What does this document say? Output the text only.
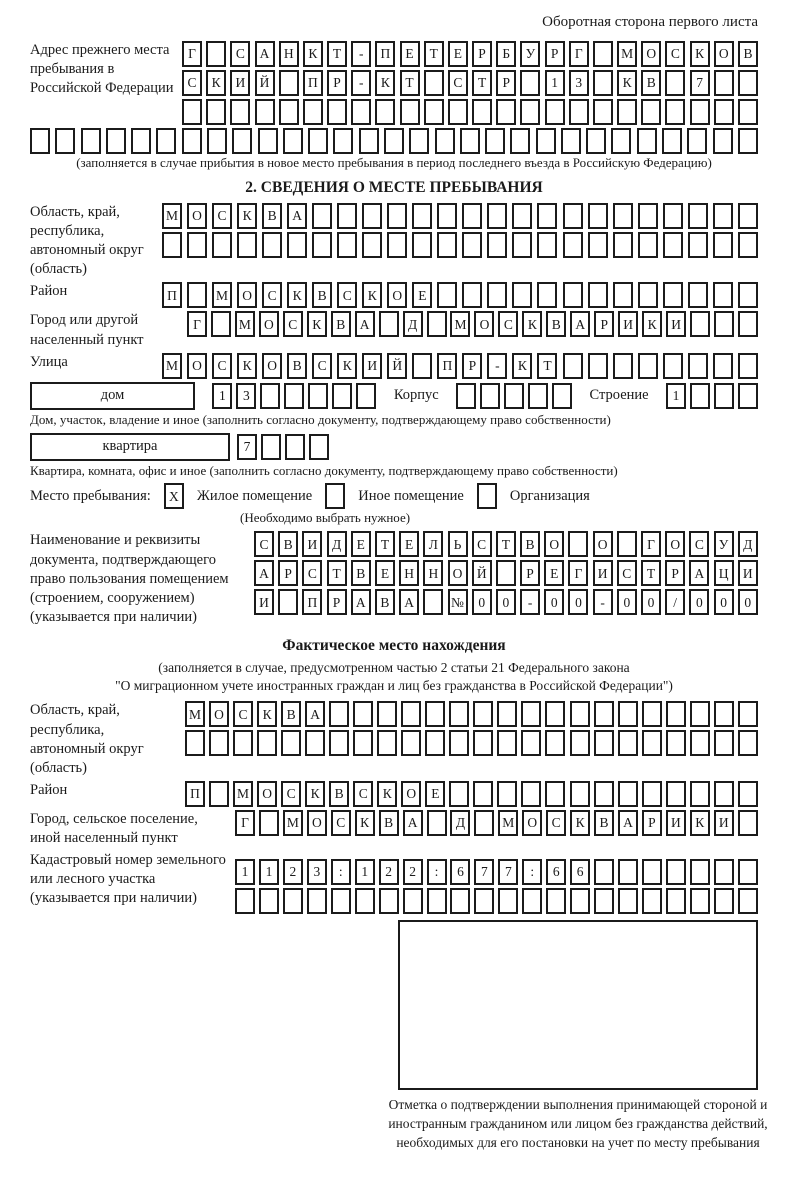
Оборотная сторона первого листа
Адрес прежнего места пребывания в Российской Федерации
Г	С	А	Н	К	Т	-	П	Е	Т	Е	Р	Б	У	Р	Г	М О	С	К	О	В
С	К	И	Й	П	Р	-	К	Т	С	Т	Р	1	3	К	В	7
(заполняется в случае прибытия в новое место пребывания в период последнего въезда в Российскую Федерацию)
2. СВЕДЕНИЯ О МЕСТЕ ПРЕБЫВАНИЯ
Область, край, республика, автономный округ (область)
М	О	С	К	В	А
Район	П	М	О	С	К	В	С	К	О	Е
Город или другой населенный пункт
Г	М О	С	К	В	А	Д	М О	С	К	В	А	Р	И	К	И
Улица	М	О	С	К	О	В	С	К	И	Й	П	Р	-	К	Т
дом	1	3	Корпус	Строение	1
Дом, участок, владение и иное (заполнить согласно документу, подтверждающему право собственности)
квартира	7
Квартира, комната, офис и иное (заполнить согласно документу, подтверждающему право собственности)
Место пребывания:	X	Жилое помещение	Иное помещение	Организация
(Необходимо выбрать нужное)
Наименование и реквизиты документа, подтверждающего право пользования помещением (строением, сооружением) (указывается при наличии)
С	В	И	Д	Е	Т	Е	Л	Ь	С	Т	В	О	О	Г	О	С	У	Д
А	Р	С	Т	В	Е	Н	Н	О	Й	Р	Е	Г	И	С	Т	Р	А	Ц	И
И	П	Р	А	В	А	№	0	0	-	0	0	-	0	0	/	0	0	0
Фактическое место нахождения
(заполняется в случае, предусмотренном частью 2 статьи 21 Федерального закона
"О миграционном учете иностранных граждан и лиц без гражданства в Российской Федерации")
Область, край, республика, автономный округ (область)
М О	С	К	В	А
Район	П	М О	С	К	В	С	К	О	Е
Город, сельское поселение, иной населенный пункт
Г	М О	С	К	В	А	Д	М О	С	К	В	А	Р	И	К	И
Кадастровый номер земельного или лесного участка (указывается при наличии)
1	1	2	3	:	1	2	2	:	6	7	7	:	6	6
Отметка о подтверждении выполнения принимающей стороной и иностранным гражданином или лицом без гражданства действий, необходимых для его постановки на учет по месту пребывания
